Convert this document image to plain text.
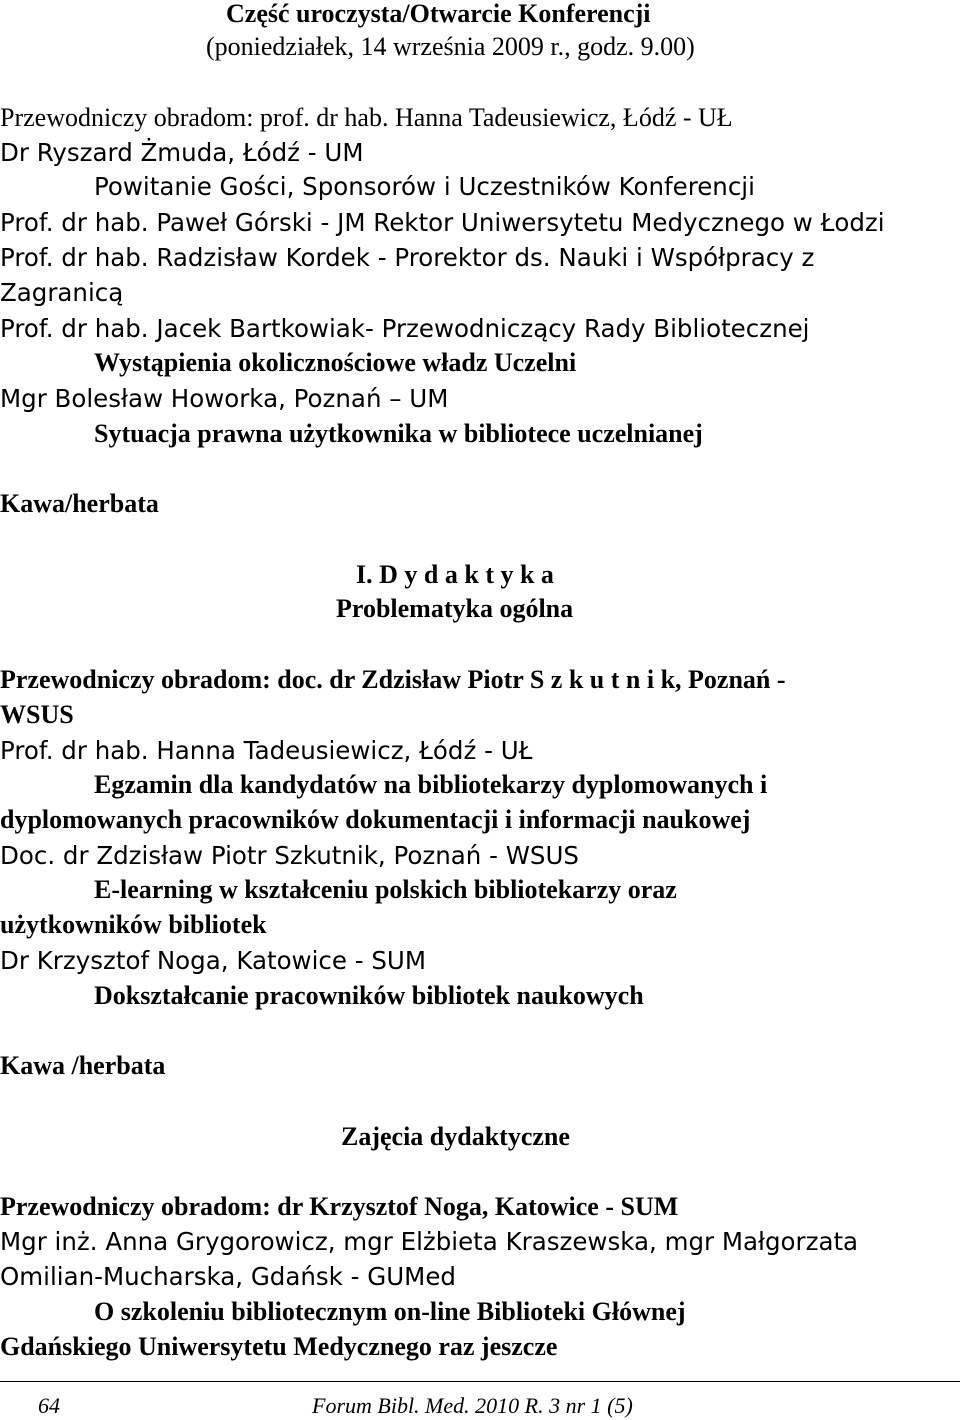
Część uroczysta/Otwarcie Konferencji
(poniedziałek, 14 września 2009 r., godz. 9.00)
Przewodniczy obradom: prof. dr hab. Hanna Tadeusiewicz, Łódź - UŁ
Dr Ryszard Żmuda, Łódź - UM
Powitanie Gości, Sponsorów i Uczestników Konferencji
Prof. dr hab. Paweł Górski - JM Rektor Uniwersytetu Medycznego w Łodzi
Prof. dr hab. Radzisław Kordek - Prorektor ds. Nauki i Współpracy z
Zagranicą
Prof. dr hab. Jacek Bartkowiak- Przewodniczący Rady Bibliotecznej
Wystąpienia okolicznościowe władz Uczelni
Mgr Bolesław Howorka, Poznań – UM
Sytuacja prawna użytkownika w bibliotece uczelnianej
Kawa/herbata
I. D y d a k t y k a
Problematyka ogólna
Przewodniczy obradom: doc. dr Zdzisław Piotr S z k u t n i k, Poznań -
WSUS
Prof. dr hab. Hanna Tadeusiewicz, Łódź - UŁ
Egzamin dla kandydatów na bibliotekarzy dyplomowanych i
dyplomowanych pracowników dokumentacji i informacji naukowej
Doc. dr Zdzisław Piotr Szkutnik, Poznań - WSUS
E-learning w kształceniu polskich bibliotekarzy oraz
użytkowników bibliotek
Dr Krzysztof Noga, Katowice - SUM
Dokształcanie pracowników bibliotek naukowych
Kawa /herbata
Zajęcia dydaktyczne
Przewodniczy obradom: dr Krzysztof Noga, Katowice - SUM
Mgr inż. Anna Grygorowicz, mgr Elżbieta Kraszewska, mgr Małgorzata
Omilian-Mucharska, Gdańsk - GUMed
O szkoleniu bibliotecznym on-line Biblioteki Głównej
Gdańskiego Uniwersytetu Medycznego raz jeszcze
64	Forum Bibl. Med. 2010 R. 3 nr 1 (5)
